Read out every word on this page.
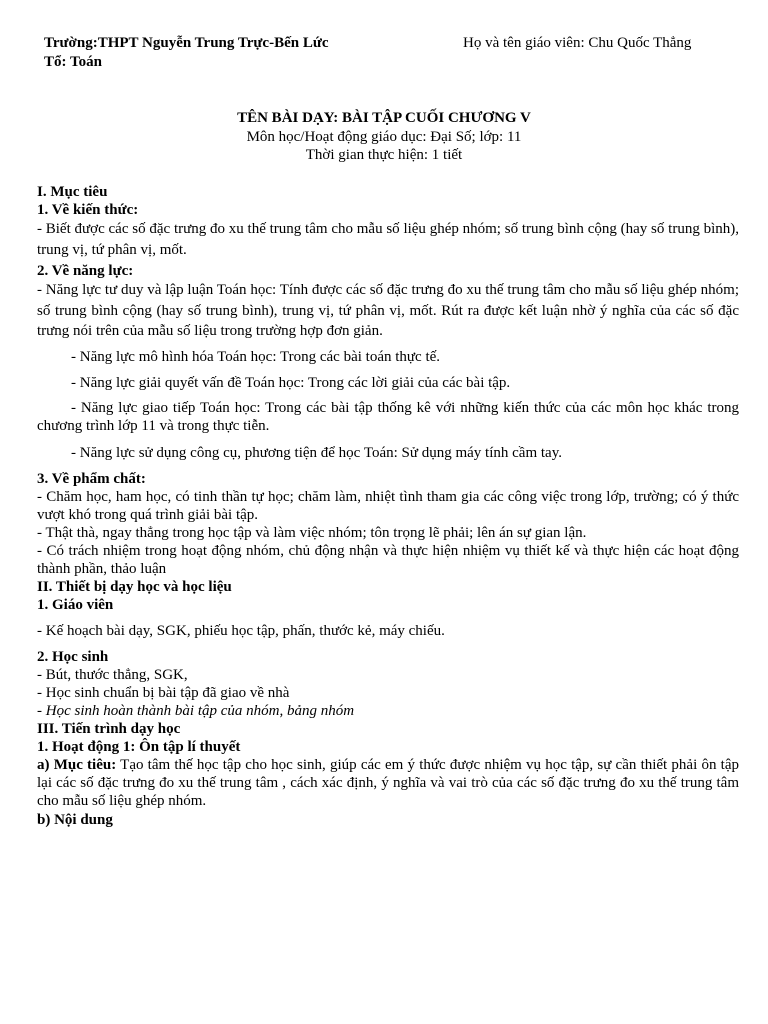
Trường:THPT Nguyễn Trung Trực-Bến Lức
Tổ: Toán
Họ và tên giáo viên: Chu Quốc Thẳng
TÊN BÀI DẠY: BÀI TẬP CUỐI CHƯƠNG V
Môn học/Hoạt động giáo dục: Đại Số; lớp: 11
Thời gian thực hiện: 1 tiết
I. Mục tiêu
1. Về kiến thức:
- Biết được các số đặc trưng đo xu thế trung tâm cho mẫu số liệu ghép nhóm; số trung bình cộng (hay số trung bình), trung vị, tứ phân vị, mốt.
2. Về năng lực:
- Năng lực tư duy và lập luận Toán học: Tính được các số đặc trưng đo xu thế trung tâm cho mẫu số liệu ghép nhóm; số trung bình cộng (hay số trung bình), trung vị, tứ phân vị, mốt. Rút ra được kết luận nhờ ý nghĩa của các số đặc trưng nói trên của mẫu số liệu trong trường hợp đơn giản.
- Năng lực mô hình hóa Toán học: Trong các bài toán thực tế.
- Năng lực giải quyết vấn đề Toán học: Trong các lời giải của các bài tập.
- Năng lực giao tiếp Toán học: Trong các bài tập thống kê với những kiến thức của các môn học khác trong chương trình lớp 11 và trong thực tiễn.
- Năng lực sử dụng công cụ, phương tiện để học Toán: Sử dụng máy tính cầm tay.
3. Về phẩm chất:
- Chăm học, ham học, có tinh thần tự học; chăm làm, nhiệt tình tham gia các công việc trong lớp, trường; có ý thức vượt khó trong quá trình giải bài tập.
- Thật thà, ngay thẳng trong học tập và làm việc nhóm; tôn trọng lẽ phải; lên án sự gian lận.
- Có trách nhiệm trong hoạt động nhóm, chủ động nhận và thực hiện nhiệm vụ thiết kế và thực hiện các hoạt động thành phần, thảo luận
II. Thiết bị dạy học và học liệu
1. Giáo viên
- Kế hoạch bài dạy, SGK, phiếu học tập, phấn, thước kẻ, máy chiếu.
2. Học sinh
- Bút, thước thẳng, SGK,
- Học sinh chuẩn bị bài tập đã giao về nhà
- Học sinh hoàn thành bài tập của nhóm, bảng nhóm
III. Tiến trình dạy học
1. Hoạt động 1: Ôn tập lí thuyết
a) Mục tiêu: Tạo tâm thế học tập cho học sinh, giúp các em ý thức được nhiệm vụ học tập, sự cần thiết phải ôn tập lại các số đặc trưng đo xu thế trung tâm , cách xác định, ý nghĩa và vai trò của các số đặc trưng đo xu thế trung tâm cho mẫu số liệu ghép nhóm.
b) Nội dung
